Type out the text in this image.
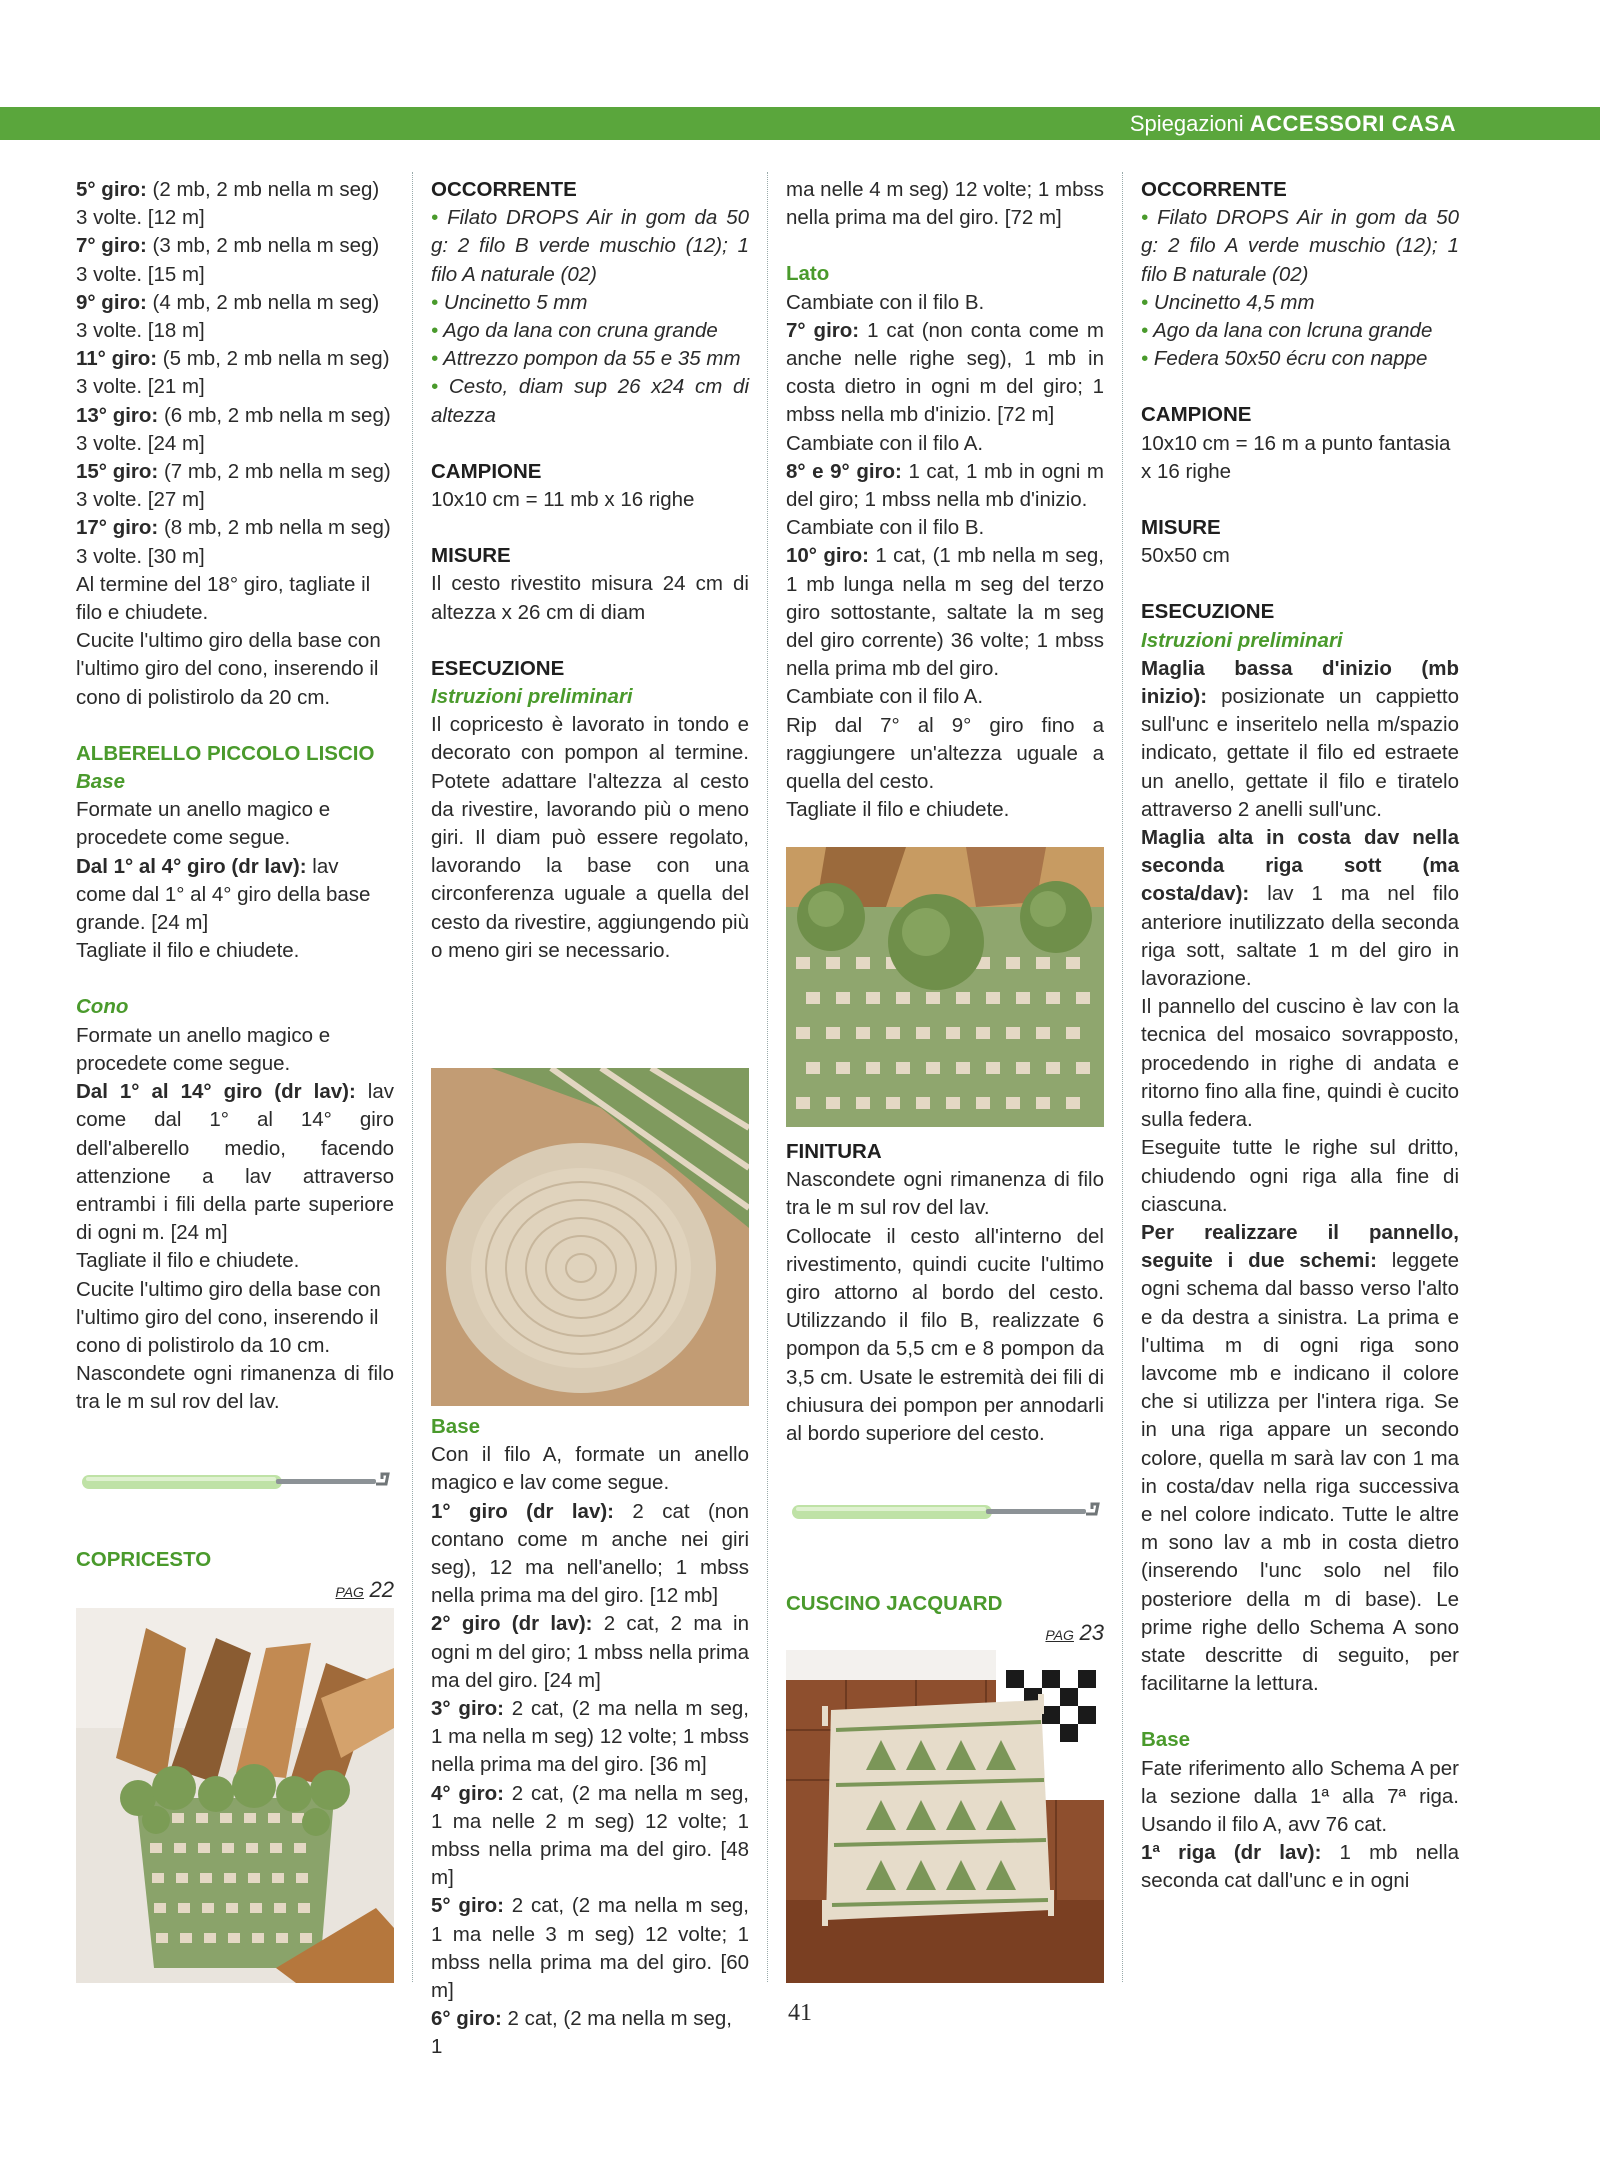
Spiegazioni ACCESSORI CASA

5° giro: (2 mb, 2 mb nella m seg) 3 volte. [12 m]

7° giro: (3 mb, 2 mb nella m seg) 3 volte. [15 m]

9° giro: (4 mb, 2 mb nella m seg) 3 volte. [18 m]

11° giro: (5 mb, 2 mb nella m seg) 3 volte. [21 m]

13° giro: (6 mb, 2 mb nella m seg) 3 volte. [24 m]

15° giro: (7 mb, 2 mb nella m seg) 3 volte. [27 m]

17° giro: (8 mb, 2 mb nella m seg) 3 volte. [30 m]

Al termine del 18° giro, tagliate il filo e chiudete.

Cucite l'ultimo giro della base con l'ultimo giro del cono, inserendo il cono di polistirolo da 20 cm.

ALBERELLO PICCOLO LISCIO

Base

Formate un anello magico e procedete come segue.

Dal 1° al 4° giro (dr lav): lav come dal 1° al 4° giro della base grande. [24 m]

Tagliate il filo e chiudete.

Cono

Formate un anello magico e procedete come segue.

Dal 1° al 14° giro (dr lav): lav come dal 1° al 14° giro dell'alberello medio, facendo attenzione a lav attraverso entrambi i fili della parte superiore di ogni m. [24 m]

Tagliate il filo e chiudete.

Cucite l'ultimo giro della base con l'ultimo giro del cono, inserendo il cono di polistirolo da 10 cm.

Nascondete ogni rimanenza di filo tra le m sul rov del lav.

COPRICESTO

PAG 22

OCCORRENTE

• Filato DROPS Air in gom da 50 g: 2 filo B verde muschio (12); 1 filo A naturale (02)

• Uncinetto 5 mm

• Ago da lana con cruna grande

• Attrezzo pompon da 55 e 35 mm

• Cesto, diam sup 26 x24 cm di altezza

CAMPIONE

10x10 cm = 11 mb x 16 righe

MISURE

Il cesto rivestito misura 24 cm di altezza x 26 cm di diam

ESECUZIONE

Istruzioni preliminari

Il copricesto è lavorato in tondo e decorato con pompon al termine. Potete adattare l'altezza al cesto da rivestire, lavorando più o meno giri. Il diam può essere regolato, lavorando la base con una circonferenza uguale a quella del cesto da rivestire, aggiungendo più o meno giri se necessario.

Base

Con il filo A, formate un anello magico e lav come segue.

1° giro (dr lav): 2 cat (non contano come m anche nei giri seg), 12 ma nell'anello; 1 mbss nella prima ma del giro. [12 mb]

2° giro (dr lav): 2 cat, 2 ma in ogni m del giro; 1 mbss nella prima ma del giro. [24 m]

3° giro: 2 cat, (2 ma nella m seg, 1 ma nella m seg) 12 volte; 1 mbss nella prima ma del giro. [36 m]

4° giro: 2 cat, (2 ma nella m seg, 1 ma nelle 2 m seg) 12 volte; 1 mbss nella prima ma del giro. [48 m]

5° giro: 2 cat, (2 ma nella m seg, 1 ma nelle 3 m seg) 12 volte; 1 mbss nella prima ma del giro. [60 m]

6° giro: 2 cat, (2 ma nella m seg, 1

ma nelle 4 m seg) 12 volte; 1 mbss nella prima ma del giro. [72 m]

Lato

Cambiate con il filo B.

7° giro: 1 cat (non conta come m anche nelle righe seg), 1 mb in costa dietro in ogni m del giro; 1 mbss nella mb d'inizio. [72 m]

Cambiate con il filo A.

8° e 9° giro: 1 cat, 1 mb in ogni m del giro; 1 mbss nella mb d'inizio.

Cambiate con il filo B.

10° giro: 1 cat, (1 mb nella m seg, 1 mb lunga nella m seg del terzo giro sottostante, saltate la m seg del giro corrente) 36 volte; 1 mbss nella prima mb del giro.

Cambiate con il filo A.

Rip dal 7° al 9° giro fino a raggiungere un'altezza uguale a quella del cesto.

Tagliate il filo e chiudete.

FINITURA

Nascondete ogni rimanenza di filo tra le m sul rov del lav.

Collocate il cesto all'interno del rivestimento, quindi cucite l'ultimo giro attorno al bordo del cesto. Utilizzando il filo B, realizzate 6 pompon da 5,5 cm e 8 pompon da 3,5 cm. Usate le estremità dei fili di chiusura dei pompon per annodarli al bordo superiore del cesto.

CUSCINO JACQUARD

PAG 23

OCCORRENTE

• Filato DROPS Air in gom da 50 g: 2 filo A verde muschio (12); 1 filo B naturale (02)

• Uncinetto 4,5 mm

• Ago da lana con lcruna grande

• Federa 50x50 écru con nappe

CAMPIONE

10x10 cm = 16 m a punto fantasia x 16 righe

MISURE

50x50 cm

ESECUZIONE

Istruzioni preliminari

Maglia bassa d'inizio (mb inizio): posizionate un cappietto sull'unc e inseritelo nella m/spazio indicato, gettate il filo ed estraete un anello, gettate il filo e tiratelo attraverso 2 anelli sull'unc.

Maglia alta in costa dav nella seconda riga sott (ma costa/dav): lav 1 ma nel filo anteriore inutilizzato della seconda riga sott, saltate 1 m del giro in lavorazione.

Il pannello del cuscino è lav con la tecnica del mosaico sovrapposto, procedendo in righe di andata e ritorno fino alla fine, quindi è cucito sulla federa.

Eseguite tutte le righe sul dritto, chiudendo ogni riga alla fine di ciascuna.

Per realizzare il pannello, seguite i due schemi: leggete ogni schema dal basso verso l'alto e da destra a sinistra. La prima e l'ultima m di ogni riga sono lavcome mb e indicano il colore che si utilizza per l'intera riga. Se in una riga appare un secondo colore, quella m sarà lav con 1 ma in costa/dav nella riga successiva e nel colore indicato. Tutte le altre m sono lav a mb in costa dietro (inserendo l'unc solo nel filo posteriore della m di base). Le prime righe dello Schema A sono state descritte di seguito, per facilitarne la lettura.

Base

Fate riferimento allo Schema A per la sezione dalla 1ª alla 7ª riga. Usando il filo A, avv 76 cat.

1ª riga (dr lav): 1 mb nella seconda cat dall'unc e in ogni

41
